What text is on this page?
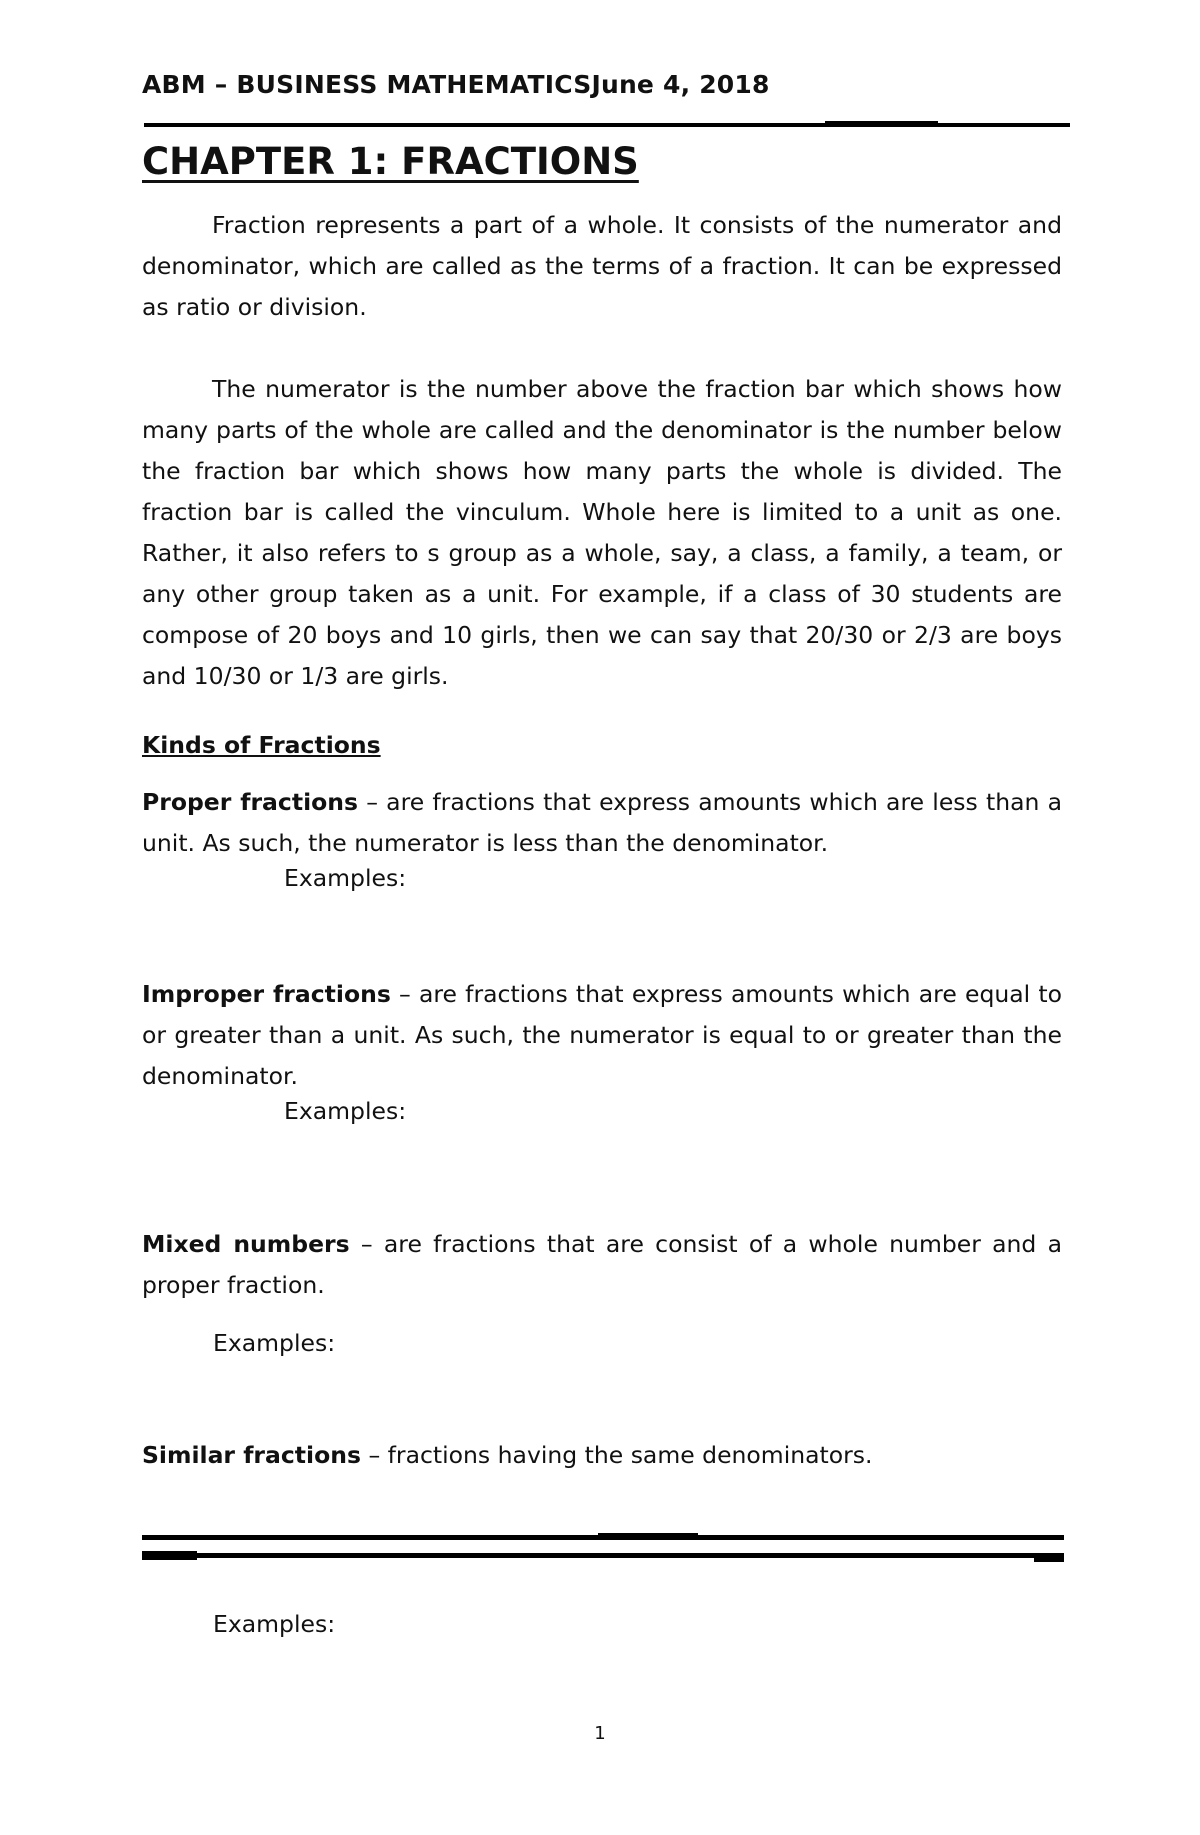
ABM – BUSINESS MATHEMATICSJune 4, 2018
CHAPTER 1: FRACTIONS

Fraction represents a part of a whole. It consists of the numerator and denominator, which are called as the terms of a fraction. It can be expressed as ratio or division.

The numerator is the number above the fraction bar which shows how many parts of the whole are called and the denominator is the number below the fraction bar which shows how many parts the whole is divided. The fraction bar is called the vinculum. Whole here is limited to a unit as one. Rather, it also refers to s group as a whole, say, a class, a family, a team, or any other group taken as a unit. For example, if a class of 30 students are compose of 20 boys and 10 girls, then we can say that 20/30 or 2/3 are boys and 10/30 or 1/3 are girls.

Kinds of Fractions

Proper fractions – are fractions that express amounts which are less than a unit. As such, the numerator is less than the denominator.

Examples:

Improper fractions – are fractions that express amounts which are equal to or greater than a unit. As such, the numerator is equal to or greater than the denominator.

Examples:

Mixed numbers – are fractions that are consist of a whole number and a proper fraction.

Examples:

Similar fractions – fractions having the same denominators.

Examples:
1
